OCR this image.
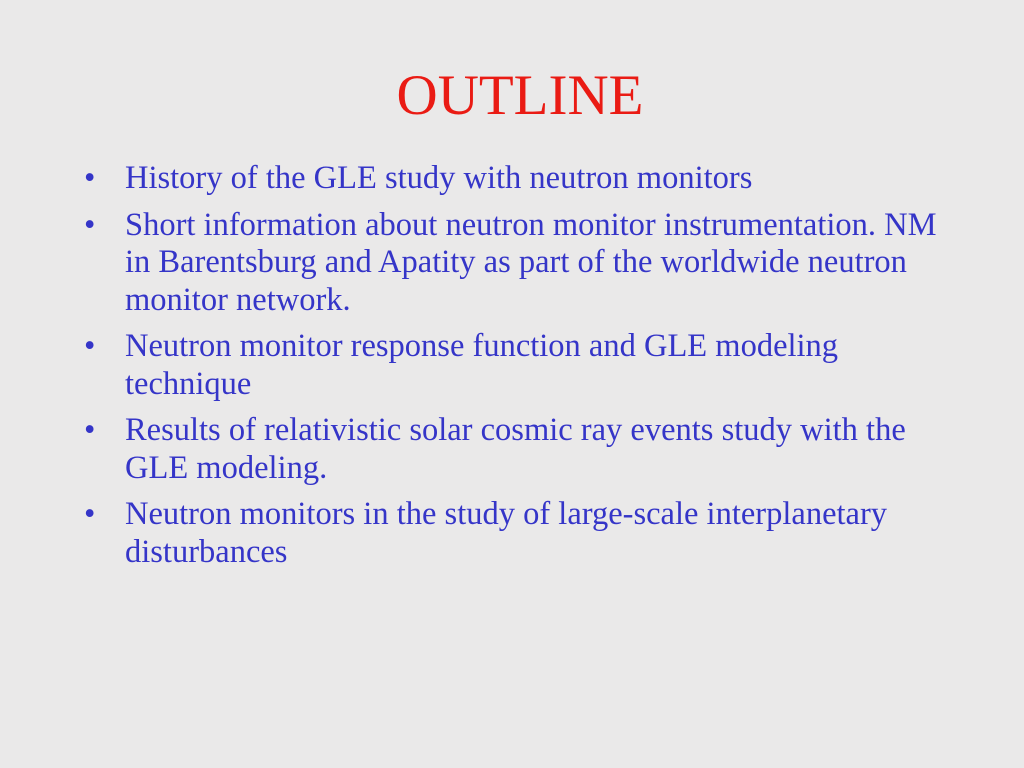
OUTLINE
• History of the GLE study with neutron monitors
• Short information about neutron monitor instrumentation. NM in Barentsburg and Apatity as part of the worldwide neutron monitor network.
• Neutron monitor response function and GLE modeling technique
• Results of relativistic solar cosmic ray events study with the GLE modeling.
• Neutron monitors in the study of large-scale interplanetary disturbances
